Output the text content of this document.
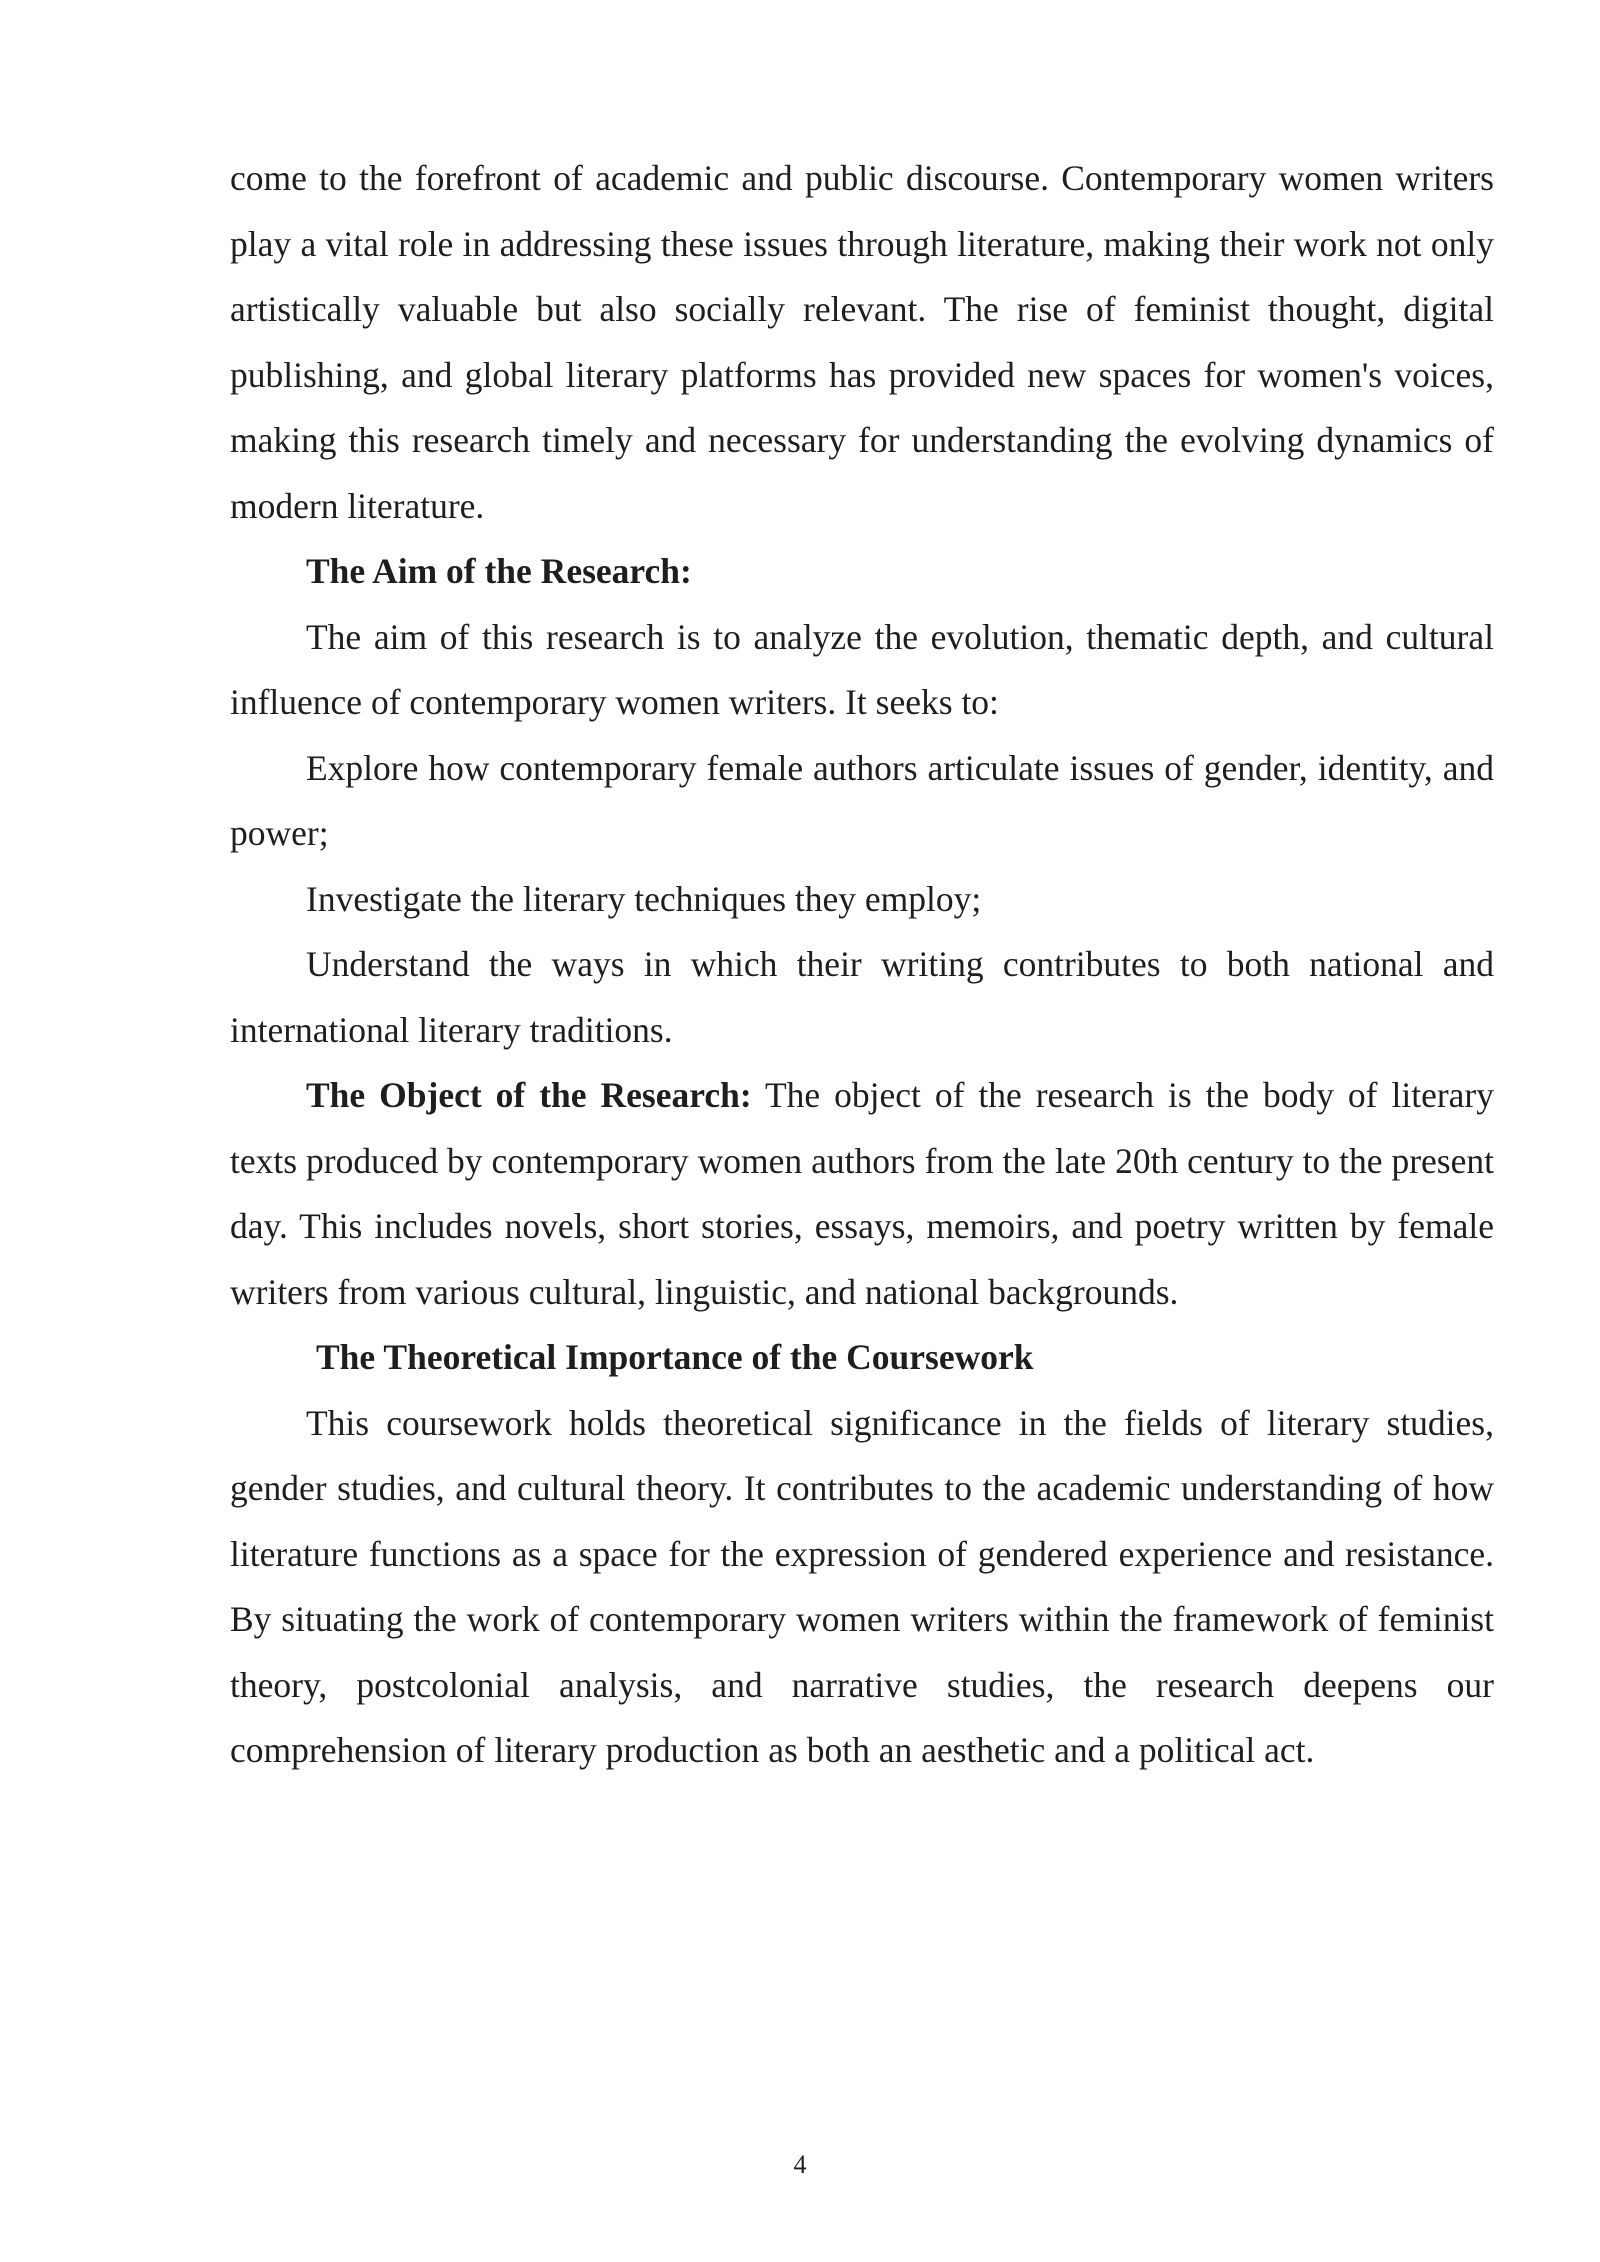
come to the forefront of academic and public discourse. Contemporary women writers play a vital role in addressing these issues through literature, making their work not only artistically valuable but also socially relevant. The rise of feminist thought, digital publishing, and global literary platforms has provided new spaces for women's voices, making this research timely and necessary for understanding the evolving dynamics of modern literature.

The Aim of the Research:

The aim of this research is to analyze the evolution, thematic depth, and cultural influence of contemporary women writers. It seeks to:

Explore how contemporary female authors articulate issues of gender, identity, and power;

Investigate the literary techniques they employ;

Understand the ways in which their writing contributes to both national and international literary traditions.

The Object of the Research: The object of the research is the body of literary texts produced by contemporary women authors from the late 20th century to the present day. This includes novels, short stories, essays, memoirs, and poetry written by female writers from various cultural, linguistic, and national backgrounds.

The Theoretical Importance of the Coursework

This coursework holds theoretical significance in the fields of literary studies, gender studies, and cultural theory. It contributes to the academic understanding of how literature functions as a space for the expression of gendered experience and resistance. By situating the work of contemporary women writers within the framework of feminist theory, postcolonial analysis, and narrative studies, the research deepens our comprehension of literary production as both an aesthetic and a political act.

4
